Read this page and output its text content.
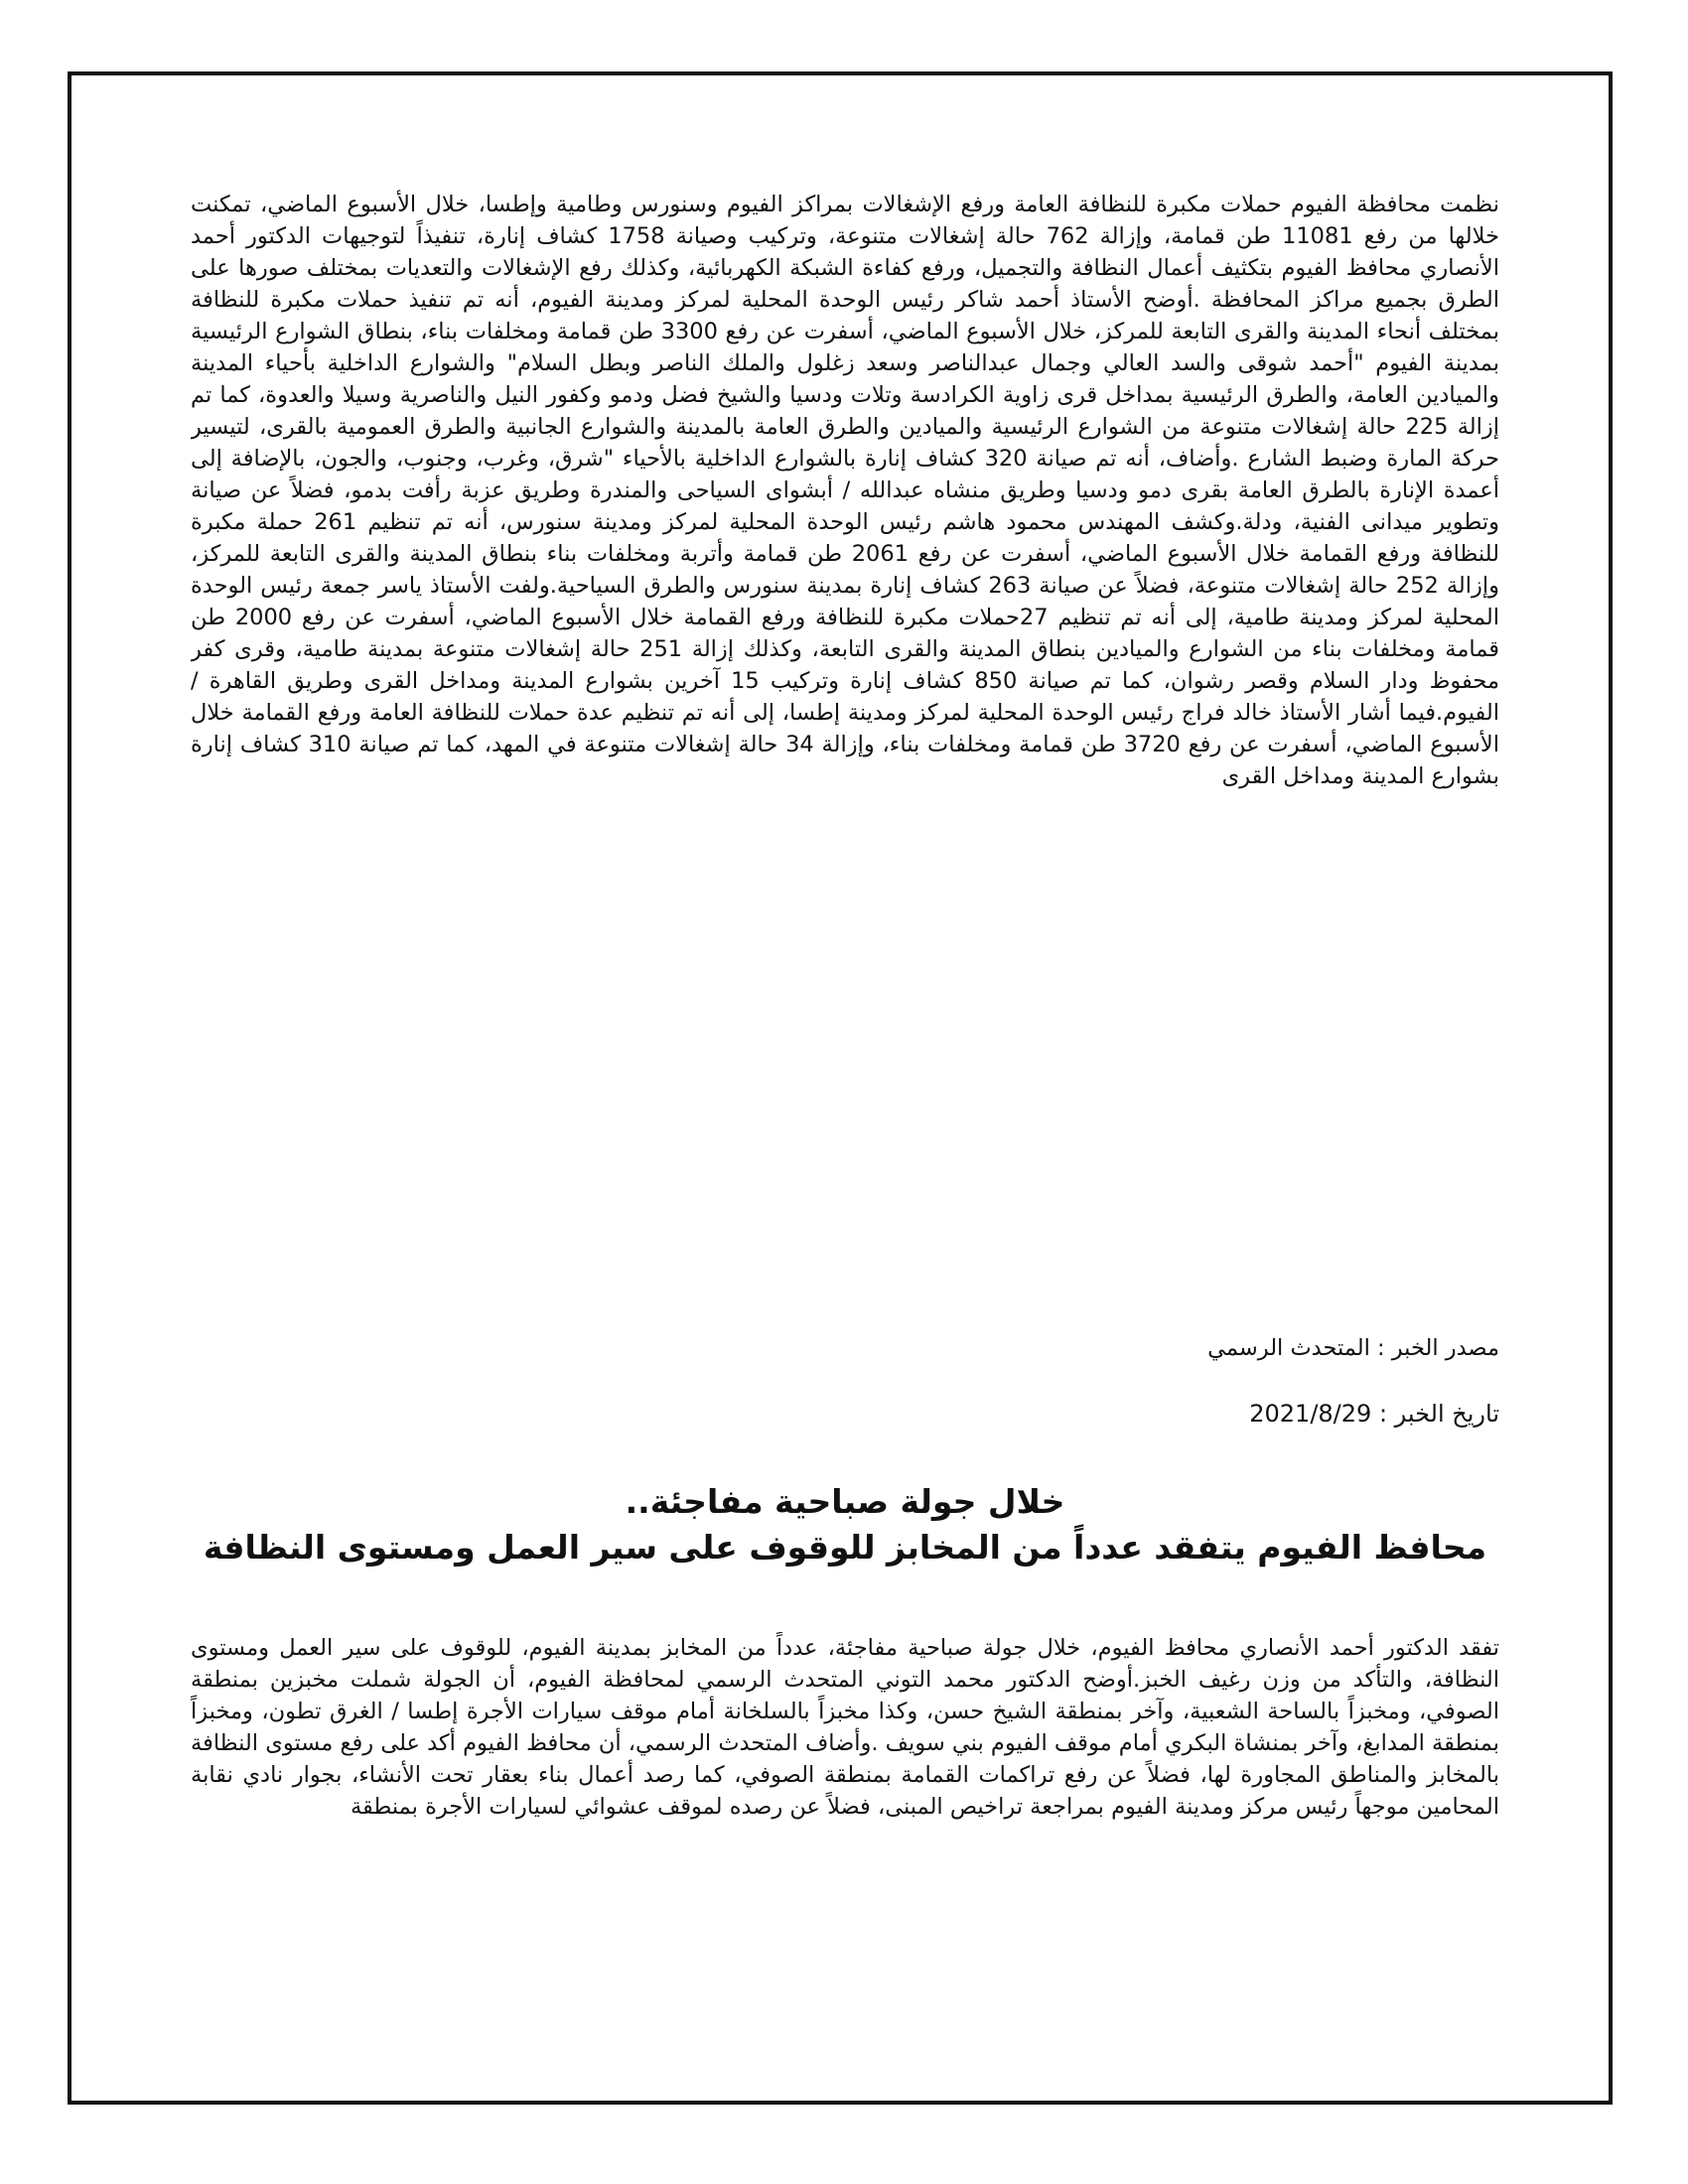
نظمت محافظة الفيوم حملات مكبرة للنظافة العامة ورفع الإشغالات بمراكز الفيوم وسنورس وطامية وإطسا، خلال الأسبوع الماضي، تمكنت خلالها من رفع 11081 طن قمامة، وإزالة 762 حالة إشغالات متنوعة، وتركيب وصيانة 1758 كشاف إنارة، تنفيذاً لتوجيهات الدكتور أحمد الأنصاري محافظ الفيوم بتكثيف أعمال النظافة والتجميل، ورفع كفاءة الشبكة الكهربائية، وكذلك رفع الإشغالات والتعديات بمختلف صورها على الطرق بجميع مراكز المحافظة .أوضح الأستاذ أحمد شاكر رئيس الوحدة المحلية لمركز ومدينة الفيوم، أنه تم تنفيذ حملات مكبرة للنظافة بمختلف أنحاء المدينة والقرى التابعة للمركز، خلال الأسبوع الماضي، أسفرت عن رفع 3300 طن قمامة ومخلفات بناء، بنطاق الشوارع الرئيسية بمدينة الفيوم "أحمد شوقى والسد العالي وجمال عبدالناصر وسعد زغلول والملك الناصر وبطل السلام" والشوارع الداخلية بأحياء المدينة والميادين العامة، والطرق الرئيسية بمداخل قرى زاوية الكرادسة وتلات ودسيا والشيخ فضل ودمو وكفور النيل والناصرية وسيلا والعدوة، كما تم إزالة 225 حالة إشغالات متنوعة من الشوارع الرئيسية والميادين والطرق العامة بالمدينة والشوارع الجانبية والطرق العمومية بالقرى، لتيسير حركة المارة وضبط الشارع .وأضاف، أنه تم صيانة 320 كشاف إنارة بالشوارع الداخلية بالأحياء "شرق، وغرب، وجنوب، والجون، بالإضافة إلى أعمدة الإنارة بالطرق العامة بقرى دمو ودسيا وطريق منشاه عبدالله / أبشواى السياحى والمندرة وطريق عزبة رأفت بدمو، فضلاً عن صيانة وتطوير ميدانى الفنية، ودلة.وكشف المهندس محمود هاشم رئيس الوحدة المحلية لمركز ومدينة سنورس، أنه تم تنظيم 261 حملة مكبرة للنظافة ورفع القمامة خلال الأسبوع الماضي، أسفرت عن رفع 2061 طن قمامة وأتربة ومخلفات بناء بنطاق المدينة والقرى التابعة للمركز، وإزالة 252 حالة إشغالات متنوعة، فضلاً عن صيانة 263 كشاف إنارة بمدينة سنورس والطرق السياحية.ولفت الأستاذ ياسر جمعة رئيس الوحدة المحلية لمركز ومدينة طامية، إلى أنه تم تنظيم 27حملات مكبرة للنظافة ورفع القمامة خلال الأسبوع الماضي، أسفرت عن رفع 2000 طن قمامة ومخلفات بناء من الشوارع والميادين بنطاق المدينة والقرى التابعة، وكذلك إزالة 251 حالة إشغالات متنوعة بمدينة طامية، وقرى كفر محفوظ ودار السلام وقصر رشوان، كما تم صيانة 850 كشاف إنارة وتركيب 15 آخرين بشوارع المدينة ومداخل القرى وطريق القاهرة / الفيوم.فيما أشار الأستاذ خالد فراج رئيس الوحدة المحلية لمركز ومدينة إطسا، إلى أنه تم تنظيم عدة حملات للنظافة العامة ورفع القمامة خلال الأسبوع الماضي، أسفرت عن رفع 3720 طن قمامة ومخلفات بناء، وإزالة 34 حالة إشغالات متنوعة في المهد، كما تم صيانة 310 كشاف إنارة بشوارع المدينة ومداخل القرى

مصدر الخبر : المتحدث الرسمي

تاريخ الخبر : 2021/8/29

خلال جولة صباحية مفاجئة..
محافظ الفيوم يتفقد عدداً من المخابز للوقوف على سير العمل ومستوى النظافة

تفقد الدكتور أحمد الأنصاري محافظ الفيوم، خلال جولة صباحية مفاجئة، عدداً من المخابز بمدينة الفيوم، للوقوف على سير العمل ومستوى النظافة، والتأكد من وزن رغيف الخبز.أوضح الدكتور محمد التوني المتحدث الرسمي لمحافظة الفيوم، أن الجولة شملت مخبزين بمنطقة الصوفي، ومخبزاً بالساحة الشعبية، وآخر بمنطقة الشيخ حسن، وكذا مخبزاً بالسلخانة أمام موقف سيارات الأجرة إطسا / الغرق تطون، ومخبزاً بمنطقة المدابغ، وآخر بمنشاة البكري أمام موقف الفيوم بني سويف .وأضاف المتحدث الرسمي، أن محافظ الفيوم أكد على رفع مستوى النظافة بالمخابز والمناطق المجاورة لها، فضلاً عن رفع تراكمات القمامة بمنطقة الصوفي، كما رصد أعمال بناء بعقار تحت الأنشاء، بجوار نادي نقابة المحامين موجهاً رئيس مركز ومدينة الفيوم بمراجعة تراخيص المبنى، فضلاً عن رصده لموقف عشوائي لسيارات الأجرة بمنطقة
